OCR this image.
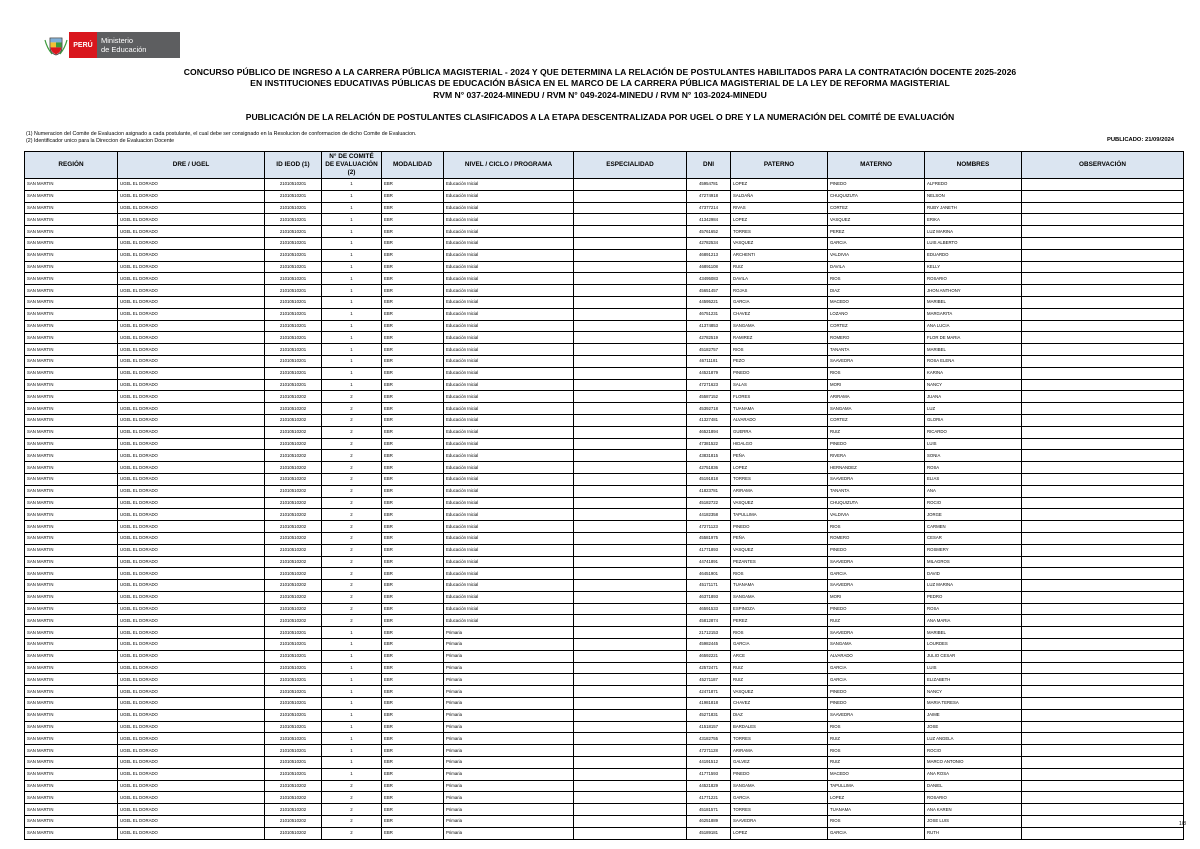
PERÚ	Ministerio
de Educación
CONCURSO PÚBLICO DE INGRESO A LA CARRERA PÚBLICA MAGISTERIAL - 2024 Y QUE DETERMINA LA RELACIÓN DE POSTULANTES HABILITADOS PARA LA CONTRATACIÓN DOCENTE 2025-2026
EN INSTITUCIONES EDUCATIVAS PÚBLICAS DE EDUCACIÓN BÁSICA EN EL MARCO DE LA CARRERA PÚBLICA MAGISTERIAL DE LA LEY DE REFORMA MAGISTERIAL
RVM N° 037-2024-MINEDU / RVM N° 049-2024-MINEDU / RVM N° 103-2024-MINEDU
PUBLICACIÓN DE LA RELACIÓN DE POSTULANTES CLASIFICADOS A LA ETAPA DESCENTRALIZADA POR UGEL O DRE Y LA NUMERACIÓN DEL COMITÉ DE EVALUACIÓN
(1) Numeracion del Comite de Evaluacion asignado a cada postulante, el cual debe ser consignado en la Resolucion de conformacion de dicho Comite de Evaluacion.
(2) Identificador unico para la Direccion de Evaluacion Docente	PUBLICADO: 21/09/2024
REGIÓN	DRE / UGEL	ID IEOD (1)	N° DE COMITÉ DE EVALUACIÓN (2)	MODALIDAD	NIVEL / CICLO / PROGRAMA	ESPECIALIDAD	DNI	PATERNO	MATERNO	NOMBRES	OBSERVACIÓN
SAN MARTIN	UGEL EL DORADO	21010510201	1	EBR	Educación Inicial		45954781	LOPEZ	PINEDO	ALFREDO	
SAN MARTIN	UGEL EL DORADO	21010510201	1	EBR	Educación Inicial		47274918	SALDAÑA	CHUQUIZUTA	NELSON	
SAN MARTIN	UGEL EL DORADO	21010510201	1	EBR	Educación Inicial		47377214	RIVAS	CORTEZ	RUBY JANETH	
SAN MARTIN	UGEL EL DORADO	21010510201	1	EBR	Educación Inicial		41342984	LOPEZ	VASQUEZ	ERIKA	
SAN MARTIN	UGEL EL DORADO	21010510201	1	EBR	Educación Inicial		45761652	TORRES	PEREZ	LUZ MARINA	
SAN MARTIN	UGEL EL DORADO	21010510201	1	EBR	Educación Inicial		42782534	VASQUEZ	GARCIA	LUIS ALBERTO	
SAN MARTIN	UGEL EL DORADO	21010510201	1	EBR	Educación Inicial		46891213	ARCHENTI	VALDIVIA	EDUARDO	
SAN MARTIN	UGEL EL DORADO	21010510201	1	EBR	Educación Inicial		46891108	RUIZ	DAVILA	KELLY	
SAN MARTIN	UGEL EL DORADO	21010510201	1	EBR	Educación Inicial		43495083	DAVILA	RIOS	ROSARIO	
SAN MARTIN	UGEL EL DORADO	21010510201	1	EBR	Educación Inicial		45651457	ROJAS	DIAZ	JHON ANTHONY	
SAN MARTIN	UGEL EL DORADO	21010510201	1	EBR	Educación Inicial		44595221	GARCIA	MACEDO	MARIBEL	
SAN MARTIN	UGEL EL DORADO	21010510201	1	EBR	Educación Inicial		46751231	CHAVEZ	LOZANO	MARGARITA	
SAN MARTIN	UGEL EL DORADO	21010510201	1	EBR	Educación Inicial		41374853	SANGAMA	CORTEZ	ANA LUCIA	
SAN MARTIN	UGEL EL DORADO	21010510201	1	EBR	Educación Inicial		42782519	RAMIREZ	ROMERO	FLOR DE MARIA	
SAN MARTIN	UGEL EL DORADO	21010510201	1	EBR	Educación Inicial		45182757	RIOS	TANANTA	MARIBEL	
SAN MARTIN	UGEL EL DORADO	21010510201	1	EBR	Educación Inicial		46711181	PEZO	SAAVEDRA	ROSA ELENA	
SAN MARTIN	UGEL EL DORADO	21010510201	1	EBR	Educación Inicial		44521879	PINEDO	RIOS	KARINA	
SAN MARTIN	UGEL EL DORADO	21010510201	1	EBR	Educación Inicial		47271623	SALAS	MORI	NANCY	
SAN MARTIN	UGEL EL DORADO	21010510202	2	EBR	Educación Inicial		45587152	FLORES	ARIRAMA	JUANA	
SAN MARTIN	UGEL EL DORADO	21010510202	2	EBR	Educación Inicial		45392718	TUANAMA	SANGAMA	LUZ	
SAN MARTIN	UGEL EL DORADO	21010510202	2	EBR	Educación Inicial		41327481	ALVARADO	CORTEZ	GLORIA	
SAN MARTIN	UGEL EL DORADO	21010510202	2	EBR	Educación Inicial		46521894	GUERRA	RUIZ	RICARDO	
SAN MARTIN	UGEL EL DORADO	21010510202	2	EBR	Educación Inicial		47381522	HIDALGO	PINEDO	LUIS	
SAN MARTIN	UGEL EL DORADO	21010510202	2	EBR	Educación Inicial		43831815	PEÑA	RIVERA	SONIA	
SAN MARTIN	UGEL EL DORADO	21010510202	2	EBR	Educación Inicial		42751836	LOPEZ	HERNANDEZ	ROSA	
SAN MARTIN	UGEL EL DORADO	21010510202	2	EBR	Educación Inicial		45191818	TORRES	SAAVEDRA	ELIAS	
SAN MARTIN	UGEL EL DORADO	21010510202	2	EBR	Educación Inicial		41823781	ARIRAMA	TANANTA	ANA	
SAN MARTIN	UGEL EL DORADO	21010510202	2	EBR	Educación Inicial		45182722	VASQUEZ	CHUQUIZUTA	ROCIO	
SAN MARTIN	UGEL EL DORADO	21010510202	2	EBR	Educación Inicial		44182358	TAPULLIMA	VALDIVIA	JORGE	
SAN MARTIN	UGEL EL DORADO	21010510202	2	EBR	Educación Inicial		47271123	PINEDO	RIOS	CARMEN	
SAN MARTIN	UGEL EL DORADO	21010510202	2	EBR	Educación Inicial		45581975	PEÑA	ROMERO	CESAR	
SAN MARTIN	UGEL EL DORADO	21010510202	2	EBR	Educación Inicial		41771893	VASQUEZ	PINEDO	ROSMERY	
SAN MARTIN	UGEL EL DORADO	21010510202	2	EBR	Educación Inicial		44741891	PEZANTES	SAAVEDRA	MILAGROS	
SAN MARTIN	UGEL EL DORADO	21010510202	2	EBR	Educación Inicial		46451901	RIOS	GARCIA	DAVID	
SAN MARTIN	UGEL EL DORADO	21010510202	2	EBR	Educación Inicial		45171171	TUANAMA	SAAVEDRA	LUZ MARINA	
SAN MARTIN	UGEL EL DORADO	21010510202	2	EBR	Educación Inicial		46371893	SANGAMA	MORI	PEDRO	
SAN MARTIN	UGEL EL DORADO	21010510202	2	EBR	Educación Inicial		46591533	ESPINOZA	PINEDO	ROSA	
SAN MARTIN	UGEL EL DORADO	21010510202	2	EBR	Educación Inicial		45812874	PEREZ	RUIZ	ANA MARIA	
SAN MARTIN	UGEL EL DORADO	21010510201	1	EBR	Primaria		21712153	RIOS	SAAVEDRA	MARIBEL	
SAN MARTIN	UGEL EL DORADO	21010510201	1	EBR	Primaria		45982445	GARCIA	SANGAMA	LOURDES	
SAN MARTIN	UGEL EL DORADO	21010510201	1	EBR	Primaria		46592221	ARCE	ALVARADO	JULIO CESAR	
SAN MARTIN	UGEL EL DORADO	21010510201	1	EBR	Primaria		42572471	RUIZ	GARCIA	LUIS	
SAN MARTIN	UGEL EL DORADO	21010510201	1	EBR	Primaria		45271187	RUIZ	GARCIA	ELIZABETH	
SAN MARTIN	UGEL EL DORADO	21010510201	1	EBR	Primaria		42471871	VASQUEZ	PINEDO	NANCY	
SAN MARTIN	UGEL EL DORADO	21010510201	1	EBR	Primaria		41981818	CHAVEZ	PINEDO	MARIA TERESA	
SAN MARTIN	UGEL EL DORADO	21010510201	1	EBR	Primaria		45271831	DIAZ	SAAVEDRA	JAIME	
SAN MARTIN	UGEL EL DORADO	21010510201	1	EBR	Primaria		41518157	BARDALES	RIOS	JOSE	
SAN MARTIN	UGEL EL DORADO	21010510201	1	EBR	Primaria		43182755	TORRES	RUIZ	LUZ ANGELA	
SAN MARTIN	UGEL EL DORADO	21010510201	1	EBR	Primaria		47271128	ARIRAMA	RIOS	ROCIO	
SAN MARTIN	UGEL EL DORADO	21010510201	1	EBR	Primaria		44191512	GALVEZ	RUIZ	MARCO ANTONIO	
SAN MARTIN	UGEL EL DORADO	21010510201	1	EBR	Primaria		41771593	PINEDO	MACEDO	ANA ROSA	
SAN MARTIN	UGEL EL DORADO	21010510202	2	EBR	Primaria		44521829	SANGAMA	TAPULLIMA	DANIEL	
SAN MARTIN	UGEL EL DORADO	21010510202	2	EBR	Primaria		41771221	GARCIA	LOPEZ	ROSARIO	
SAN MARTIN	UGEL EL DORADO	21010510202	2	EBR	Primaria		45181571	TORRES	TUANAMA	ANA KAREN	
SAN MARTIN	UGEL EL DORADO	21010510202	2	EBR	Primaria		46251889	SAAVEDRA	RIOS	JOSE LUIS	
SAN MARTIN	UGEL EL DORADO	21010510202	2	EBR	Primaria		45189181	LOPEZ	GARCIA	RUTH	
1/8
